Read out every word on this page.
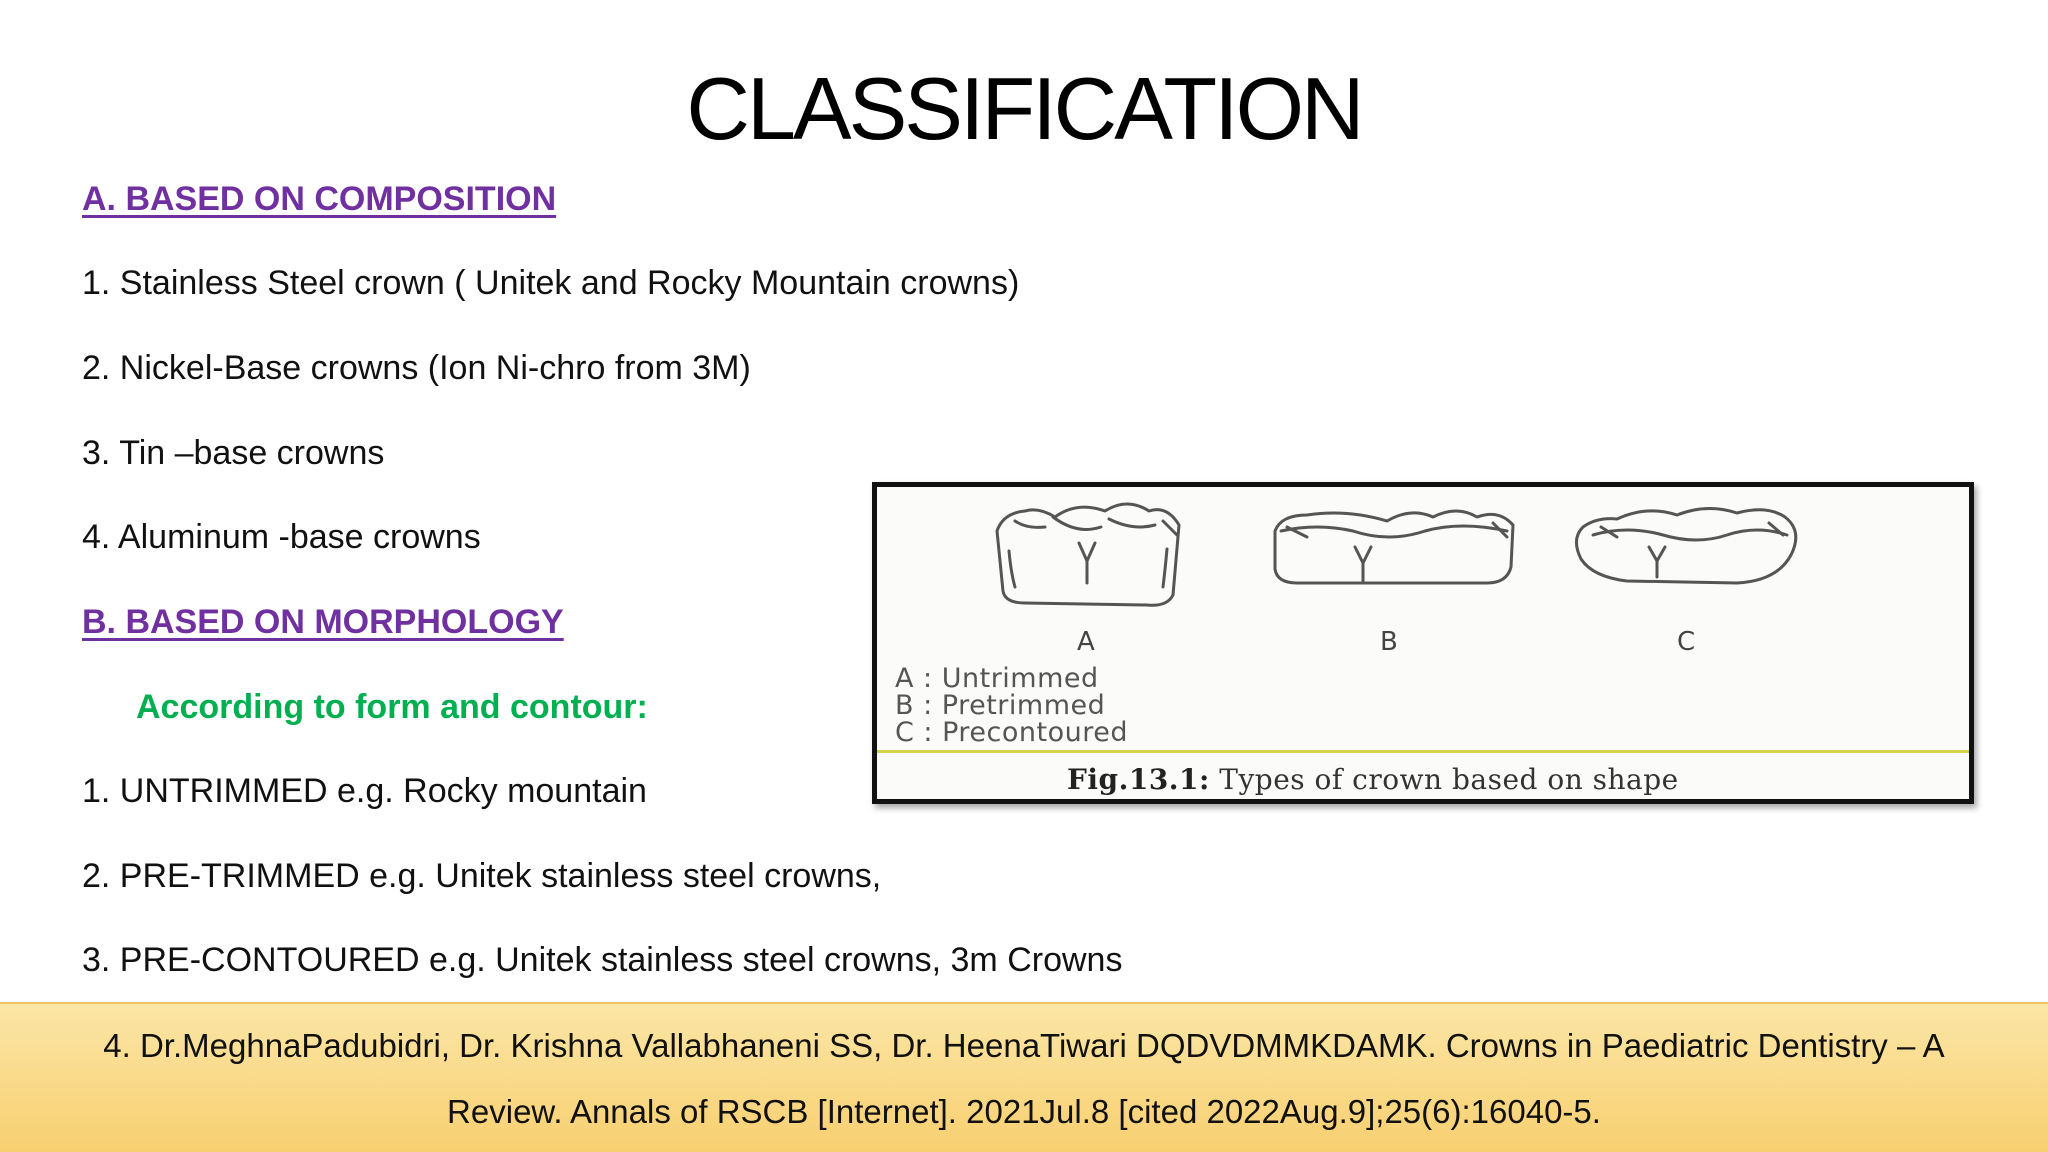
CLASSIFICATION
A. BASED ON COMPOSITION
1. Stainless Steel crown ( Unitek and Rocky Mountain crowns)
2. Nickel-Base crowns (Ion Ni-chro from 3M)
3. Tin –base crowns
4. Aluminum -base crowns
B. BASED ON MORPHOLOGY
According to form and contour:
1. UNTRIMMED e.g. Rocky mountain
2. PRE-TRIMMED e.g. Unitek stainless steel crowns,
3. PRE-CONTOURED e.g. Unitek stainless steel crowns, 3m Crowns
A	B	C
A : Untrimmed
B : Pretrimmed
C : Precontoured
Fig.13.1: Types of crown based on shape
4. Dr.MeghnaPadubidri, Dr. Krishna Vallabhaneni SS, Dr. HeenaTiwari DQDVDMMKDAMK. Crowns in Paediatric Dentistry – A
Review. Annals of RSCB [Internet]. 2021Jul.8 [cited 2022Aug.9];25(6):16040-5.
